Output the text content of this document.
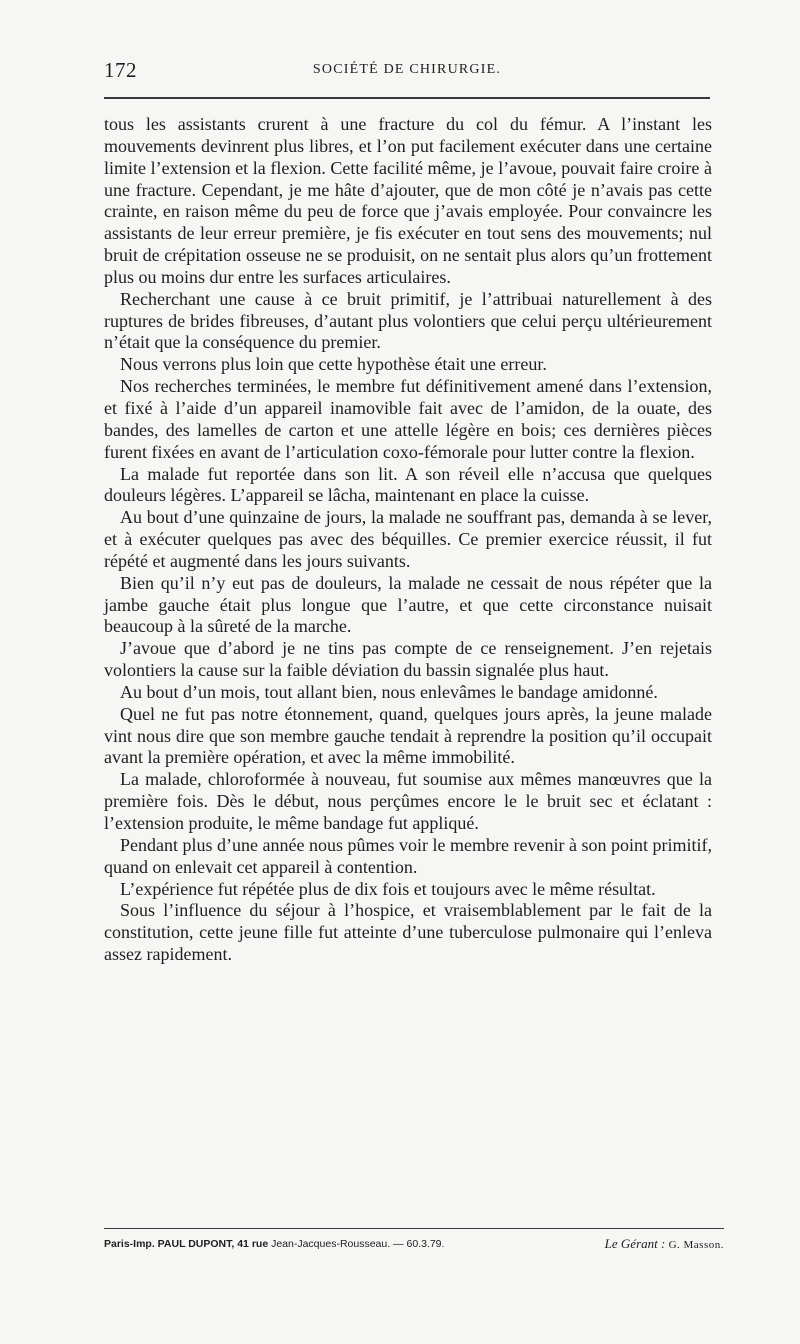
172	SOCIÉTÉ DE CHIRURGIE.

tous les assistants crurent à une fracture du col du fémur. A l’instant les mouvements devinrent plus libres, et l’on put facilement exécuter dans une certaine limite l’extension et la flexion. Cette facilité même, je l’avoue, pouvait faire croire à une fracture. Cependant, je me hâte d’ajouter, que de mon côté je n’avais pas cette crainte, en raison même du peu de force que j’avais employée. Pour convaincre les assistants de leur erreur première, je fis exécuter en tout sens des mouvements; nul bruit de crépitation osseuse ne se produisit, on ne sentait plus alors qu’un frottement plus ou moins dur entre les surfaces articulaires.

Recherchant une cause à ce bruit primitif, je l’attribuai naturellement à des ruptures de brides fibreuses, d’autant plus volontiers que celui perçu ultérieurement n’était que la conséquence du premier.

Nous verrons plus loin que cette hypothèse était une erreur.

Nos recherches terminées, le membre fut définitivement amené dans l’extension, et fixé à l’aide d’un appareil inamovible fait avec de l’amidon, de la ouate, des bandes, des lamelles de carton et une attelle légère en bois; ces dernières pièces furent fixées en avant de l’articulation coxo-fémorale pour lutter contre la flexion.

La malade fut reportée dans son lit. A son réveil elle n’accusa que quelques douleurs légères. L’appareil se lâcha, maintenant en place la cuisse.

Au bout d’une quinzaine de jours, la malade ne souffrant pas, demanda à se lever, et à exécuter quelques pas avec des béquilles. Ce premier exercice réussit, il fut répété et augmenté dans les jours suivants.

Bien qu’il n’y eut pas de douleurs, la malade ne cessait de nous répéter que la jambe gauche était plus longue que l’autre, et que cette circonstance nuisait beaucoup à la sûreté de la marche.

J’avoue que d’abord je ne tins pas compte de ce renseignement. J’en rejetais volontiers la cause sur la faible déviation du bassin signalée plus haut.

Au bout d’un mois, tout allant bien, nous enlevâmes le bandage amidonné.

Quel ne fut pas notre étonnement, quand, quelques jours après, la jeune malade vint nous dire que son membre gauche tendait à reprendre la position qu’il occupait avant la première opération, et avec la même immobilité.

La malade, chloroformée à nouveau, fut soumise aux mêmes manœuvres que la première fois. Dès le début, nous perçûmes encore le le bruit sec et éclatant : l’extension produite, le même bandage fut appliqué.

Pendant plus d’une année nous pûmes voir le membre revenir à son point primitif, quand on enlevait cet appareil à contention.

L’expérience fut répétée plus de dix fois et toujours avec le même résultat.

Sous l’influence du séjour à l’hospice, et vraisemblablement par le fait de la constitution, cette jeune fille fut atteinte d’une tuberculose pulmonaire qui l’enleva assez rapidement.

Paris-Imp. PAUL DUPONT, 41 rue Jean-Jacques-Rousseau. — 60.3.79.	Le Gérant : G. Masson.
